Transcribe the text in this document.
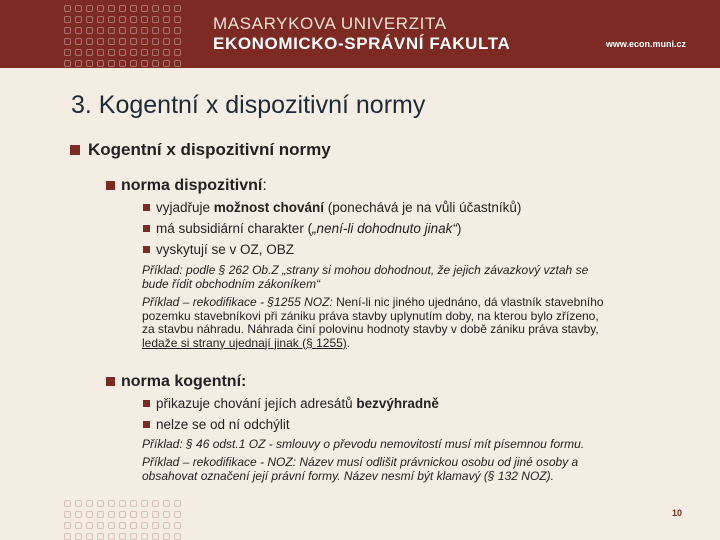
MASARYKOVA UNIVERZITA
EKONOMICKO-SPRÁVNÍ FAKULTA	www.econ.muni.cz
3. Kogentní x dispozitivní normy
Kogentní x dispozitivní normy
norma dispozitivní:
vyjadřuje možnost chování (ponechává je na vůli účastníků)
má subsidiární charakter („není-li dohodnuto jinak“)
vyskytují se v OZ, OBZ
Příklad: podle § 262 Ob.Z „strany si mohou dohodnout, že jejich závazkový vztah se
bude řídit obchodním zákoníkem“
Příklad – rekodifikace - §1255 NOZ: Není-li nic jiného ujednáno, dá vlastník stavebního
pozemku stavebníkovi při zániku práva stavby uplynutím doby, na kterou bylo zřízeno,
za stavbu náhradu. Náhrada činí polovinu hodnoty stavby v době zániku práva stavby,
ledaže si strany ujednají jinak (§ 1255).
norma kogentní:
přikazuje chování jejích adresátů bezvýhradně
nelze se od ní odchýlit
Příklad: § 46 odst.1 OZ - smlouvy o převodu nemovitostí musí mít písemnou formu.
Příklad – rekodifikace - NOZ: Název musí odlišit právnickou osobu od jiné osoby a
obsahovat označení její právní formy. Název nesmí být klamavý (§ 132 NOZ).
10
